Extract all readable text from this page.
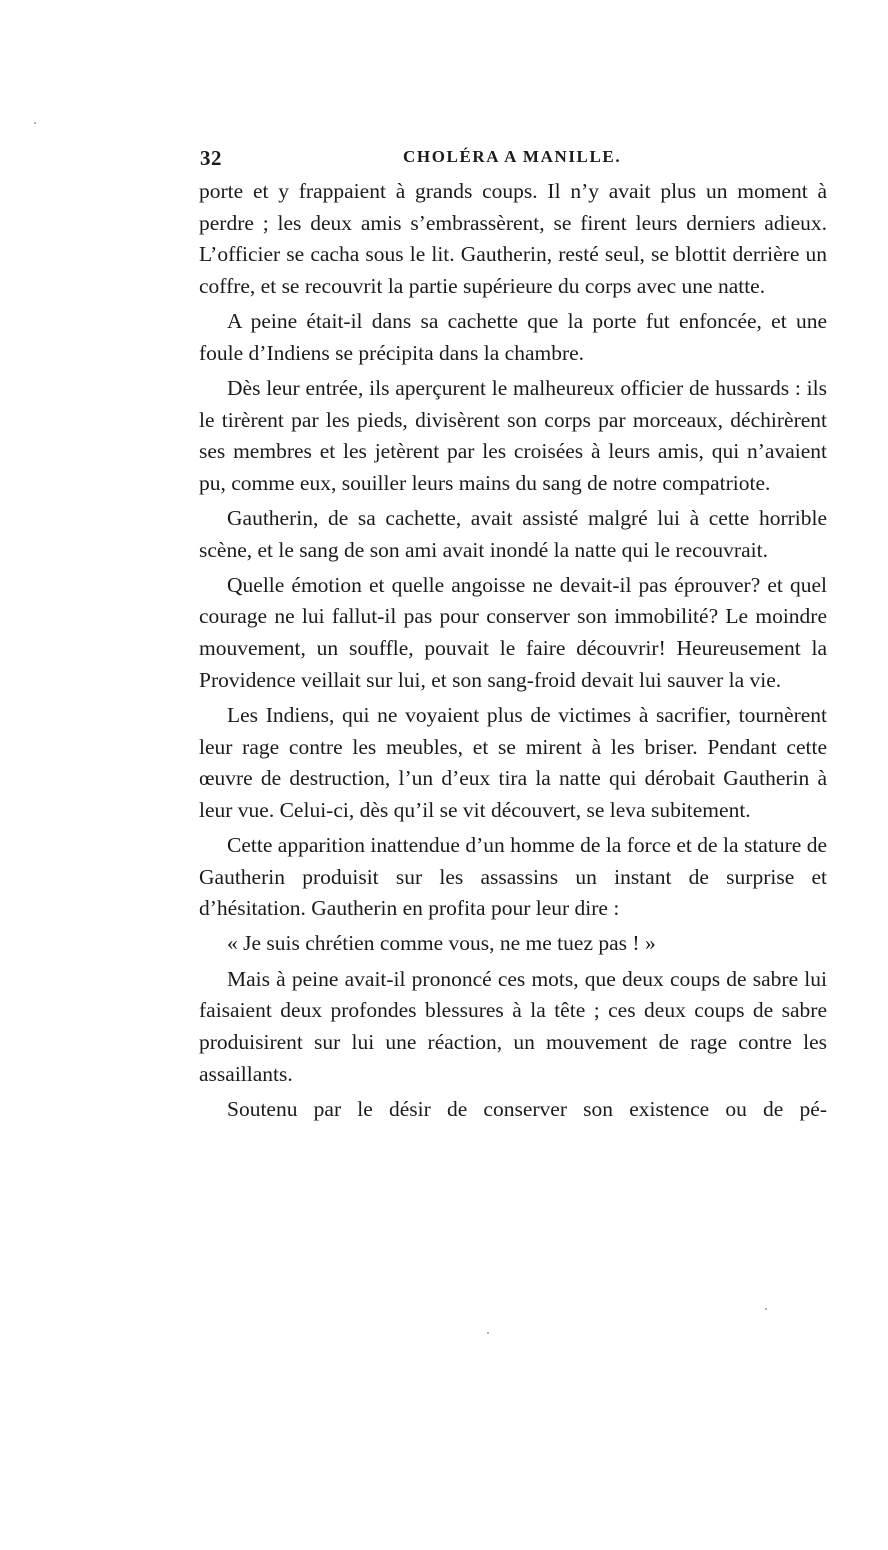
32	CHOLÉRA A MANILLE.

porte et y frappaient à grands coups. Il n’y avait plus un moment à perdre ; les deux amis s’embrassèrent, se firent leurs derniers adieux. L’officier se cacha sous le lit. Gautherin, resté seul, se blottit derrière un coffre, et se recouvrit la partie supérieure du corps avec une natte.

A peine était-il dans sa cachette que la porte fut enfoncée, et une foule d’Indiens se précipita dans la chambre.

Dès leur entrée, ils aperçurent le malheureux officier de hussards : ils le tirèrent par les pieds, divisèrent son corps par morceaux, déchirèrent ses membres et les jetèrent par les croisées à leurs amis, qui n’avaient pu, comme eux, souiller leurs mains du sang de notre compatriote.

Gautherin, de sa cachette, avait assisté malgré lui à cette horrible scène, et le sang de son ami avait inondé la natte qui le recouvrait.

Quelle émotion et quelle angoisse ne devait-il pas éprouver? et quel courage ne lui fallut-il pas pour conserver son immobilité? Le moindre mouvement, un souffle, pouvait le faire découvrir! Heureusement la Providence veillait sur lui, et son sang-froid devait lui sauver la vie.

Les Indiens, qui ne voyaient plus de victimes à sacrifier, tournèrent leur rage contre les meubles, et se mirent à les briser. Pendant cette œuvre de destruction, l’un d’eux tira la natte qui dérobait Gautherin à leur vue. Celui-ci, dès qu’il se vit découvert, se leva subitement.

Cette apparition inattendue d’un homme de la force et de la stature de Gautherin produisit sur les assassins un instant de surprise et d’hésitation. Gautherin en profita pour leur dire :

« Je suis chrétien comme vous, ne me tuez pas ! »

Mais à peine avait-il prononcé ces mots, que deux coups de sabre lui faisaient deux profondes blessures à la tête ; ces deux coups de sabre produisirent sur lui une réaction, un mouvement de rage contre les assaillants.

Soutenu par le désir de conserver son existence ou de pé-
